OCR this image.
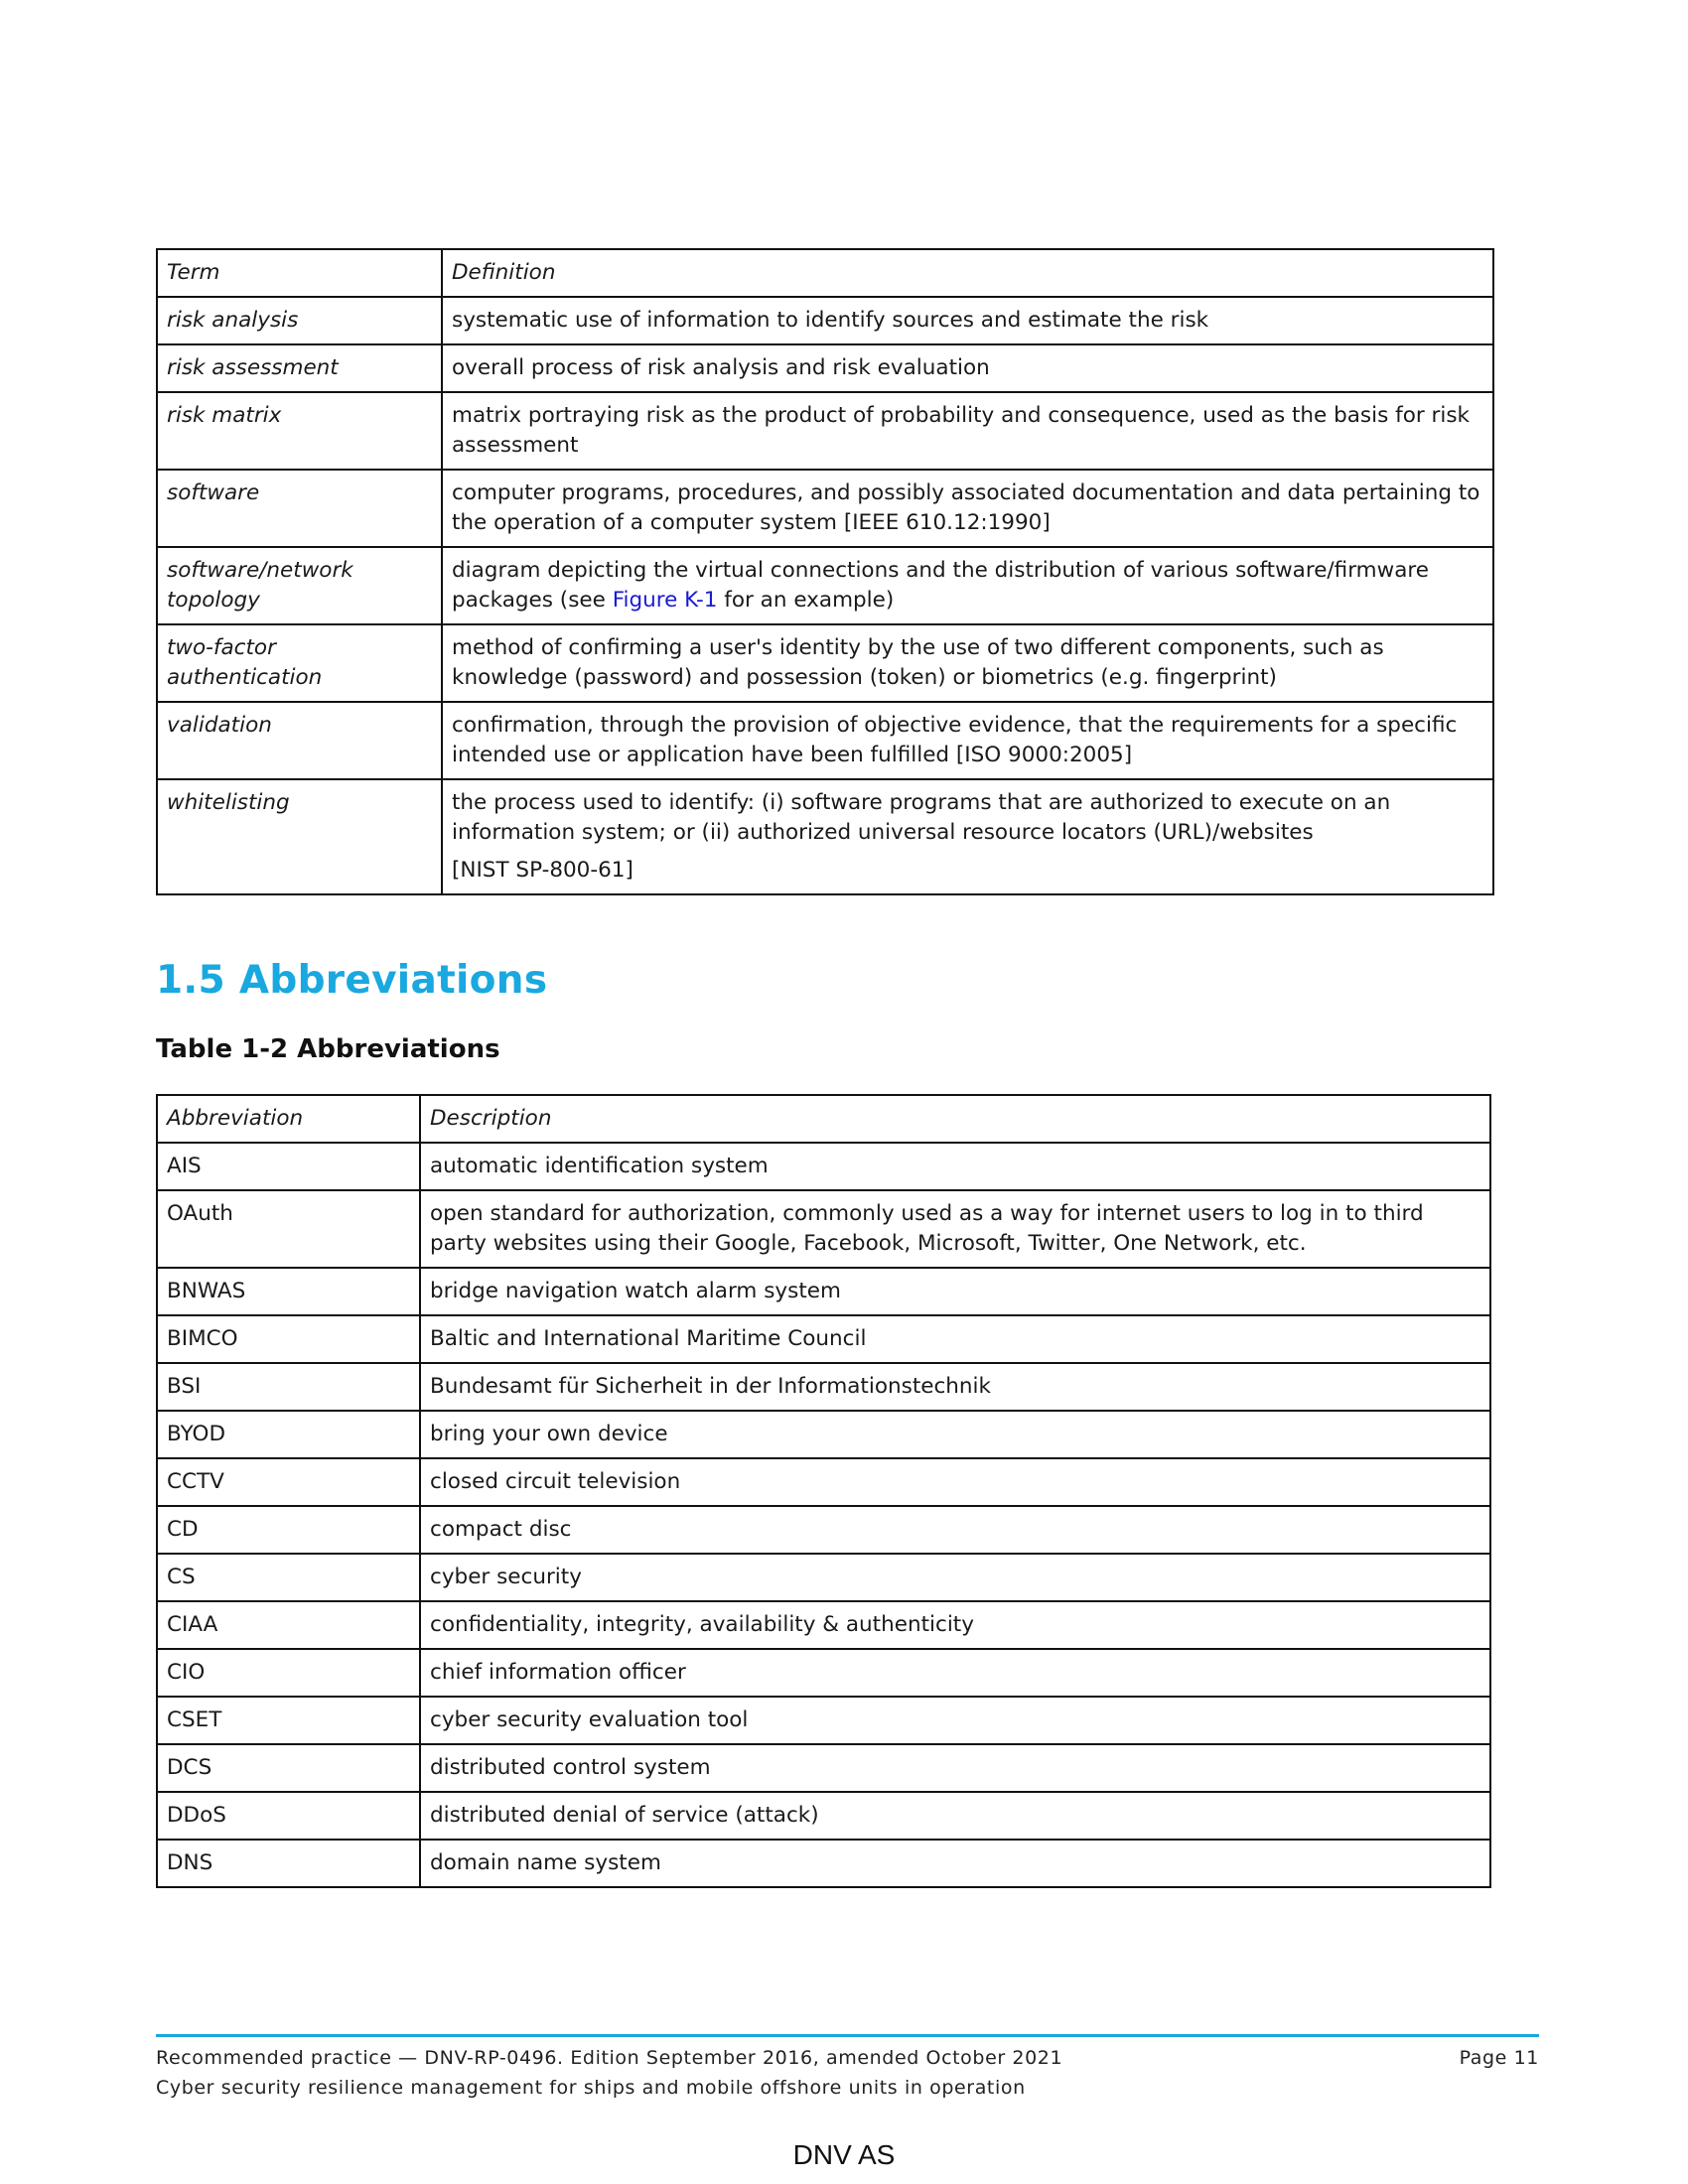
Term	Definition
risk analysis	systematic use of information to identify sources and estimate the risk
risk assessment	overall process of risk analysis and risk evaluation
risk matrix	matrix portraying risk as the product of probability and consequence, used as the basis for risk assessment
software	computer programs, procedures, and possibly associated documentation and data pertaining to the operation of a computer system [IEEE 610.12:1990]
software/network topology	diagram depicting the virtual connections and the distribution of various software/firmware packages (see Figure K-1 for an example)
two-factor authentication	method of confirming a user's identity by the use of two different components, such as knowledge (password) and possession (token) or biometrics (e.g. fingerprint)
validation	confirmation, through the provision of objective evidence, that the requirements for a specific intended use or application have been fulfilled [ISO 9000:2005]
whitelisting	the process used to identify: (i) software programs that are authorized to execute on an information system; or (ii) authorized universal resource locators (URL)/websites
[NIST SP-800-61]
1.5 Abbreviations
Table 1-2 Abbreviations
Abbreviation	Description
AIS	automatic identification system
OAuth	open standard for authorization, commonly used as a way for internet users to log in to third party websites using their Google, Facebook, Microsoft, Twitter, One Network, etc.
BNWAS	bridge navigation watch alarm system
BIMCO	Baltic and International Maritime Council
BSI	Bundesamt für Sicherheit in der Informationstechnik
BYOD	bring your own device
CCTV	closed circuit television
CD	compact disc
CS	cyber security
CIAA	confidentiality, integrity, availability & authenticity
CIO	chief information officer
CSET	cyber security evaluation tool
DCS	distributed control system
DDoS	distributed denial of service (attack)
DNS	domain name system
Recommended practice — DNV-RP-0496. Edition September 2016, amended October 2021
Cyber security resilience management for ships and mobile offshore units in operation
Page 11
DNV AS
